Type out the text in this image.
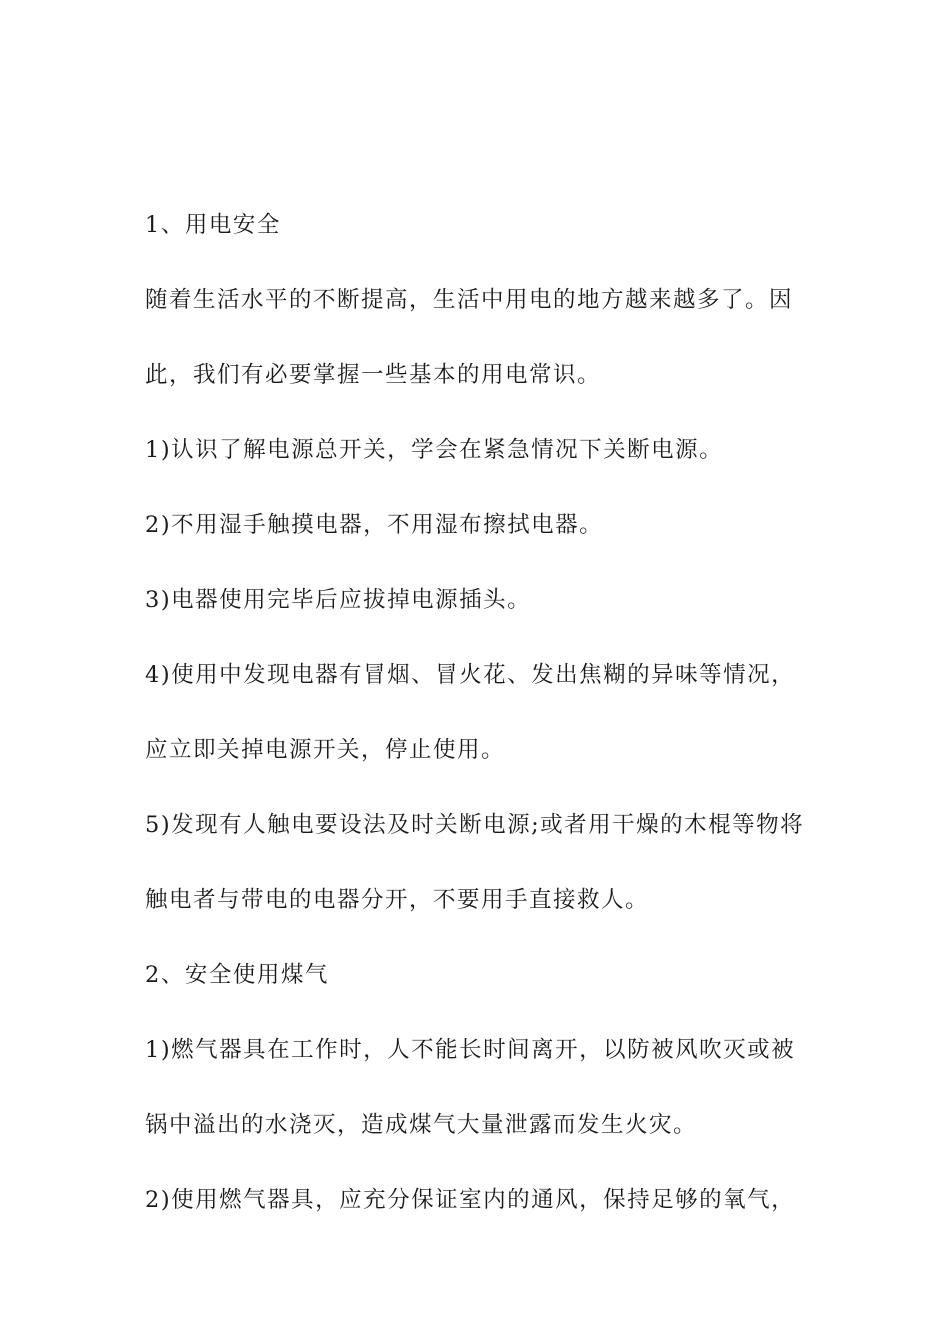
1、用电安全
随着生活水平的不断提高，生活中用电的地方越来越多了。因
此，我们有必要掌握一些基本的用电常识。
1)认识了解电源总开关，学会在紧急情况下关断电源。
2)不用湿手触摸电器，不用湿布擦拭电器。
3)电器使用完毕后应拔掉电源插头。
4)使用中发现电器有冒烟、冒火花、发出焦糊的异味等情况，
应立即关掉电源开关，停止使用。
5)发现有人触电要设法及时关断电源;或者用干燥的木棍等物将
触电者与带电的电器分开，不要用手直接救人。
2、安全使用煤气
1)燃气器具在工作时，人不能长时间离开，以防被风吹灭或被
锅中溢出的水浇灭，造成煤气大量泄露而发生火灾。
2)使用燃气器具，应充分保证室内的通风，保持足够的氧气，
